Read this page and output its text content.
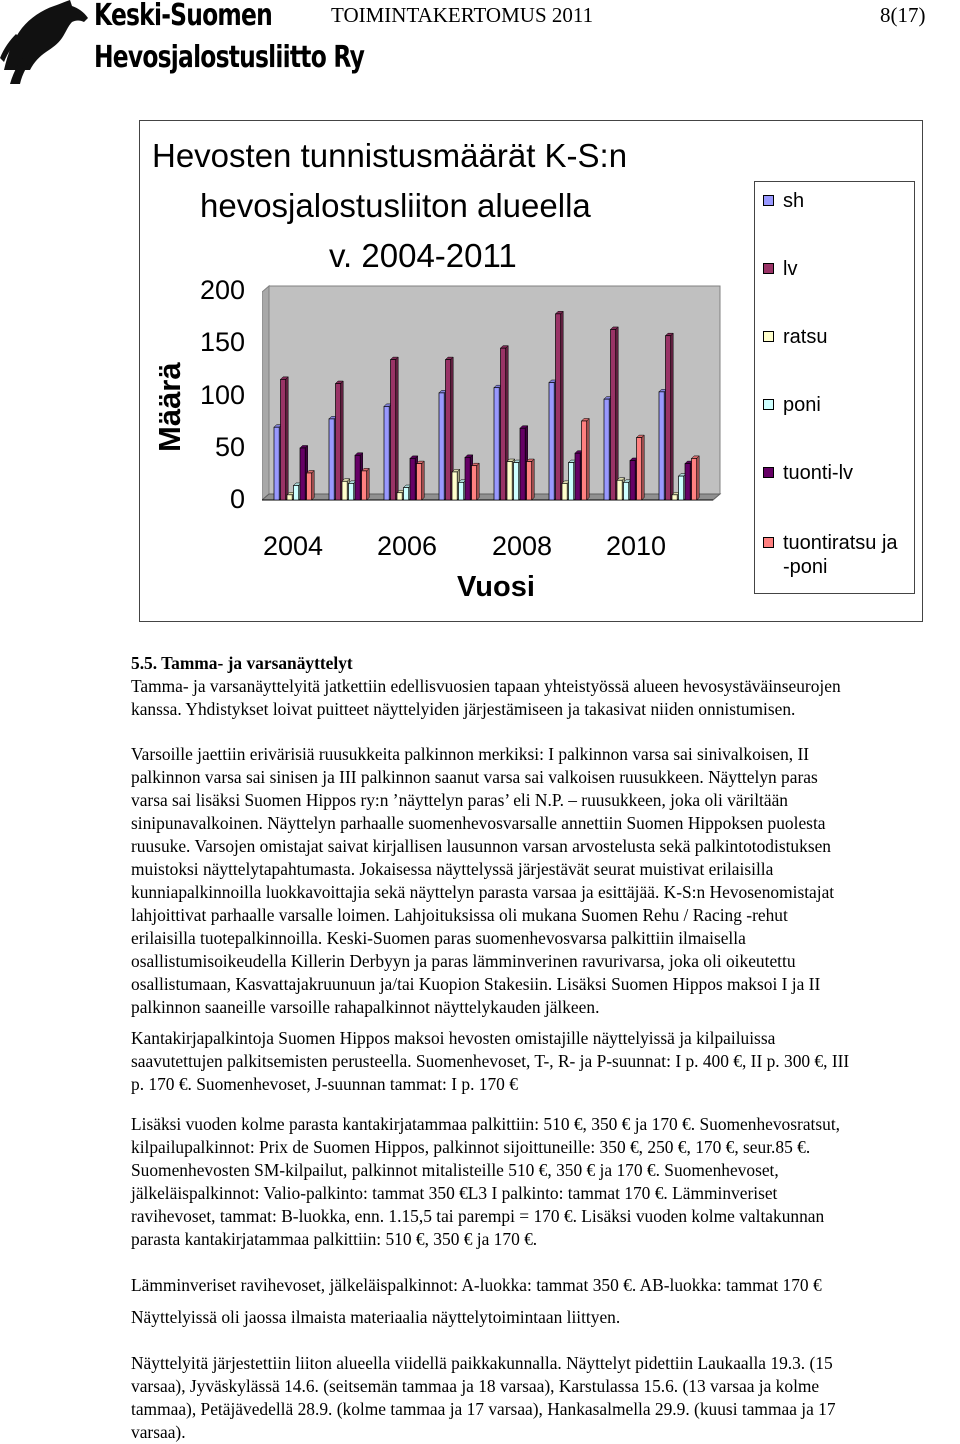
Keski-Suomen
Hevosjalostusliitto Ry
TOIMINTAKERTOMUS 2011	8(17)
Hevosten tunnistusmäärät K-S:n
hevosjalostusliiton alueella
v. 2004-2011
Määrä
200
150
100
50
0
2004 2006 2008 2010
Vuosi
sh
lv
ratsu
poni
tuonti-lv
tuontiratsu ja
-poni
5.5. Tamma- ja varsanäyttelyt
Tamma- ja varsanäyttelyitä jatkettiin edellisvuosien tapaan yhteistyössä alueen hevosystäväinseurojen
kanssa. Yhdistykset loivat puitteet näyttelyiden järjestämiseen ja takasivat niiden onnistumisen.
Varsoille jaettiin erivärisiä ruusukkeita palkinnon merkiksi: I palkinnon varsa sai sinivalkoisen, II
palkinnon varsa sai sinisen ja III palkinnon saanut varsa sai valkoisen ruusukkeen. Näyttelyn paras
varsa sai lisäksi Suomen Hippos ry:n ’näyttelyn paras’ eli N.P. – ruusukkeen, joka oli väriltään
sinipunavalkoinen. Näyttelyn parhaalle suomenhevosvarsalle annettiin Suomen Hippoksen puolesta
ruusuke. Varsojen omistajat saivat kirjallisen lausunnon varsan arvostelusta sekä palkintotodistuksen
muistoksi näyttelytapahtumasta. Jokaisessa näyttelyssä järjestävät seurat muistivat erilaisilla
kunniapalkinnoilla luokkavoittajia sekä näyttelyn parasta varsaa ja esittäjää. K-S:n Hevosenomistajat
lahjoittivat parhaalle varsalle loimen. Lahjoituksissa oli mukana Suomen Rehu / Racing -rehut
erilaisilla tuotepalkinnoilla. Keski-Suomen paras suomenhevosvarsa palkittiin ilmaisella
osallistumisoikeudella Killerin Derbyyn ja paras lämminverinen ravurivarsa, joka oli oikeutettu
osallistumaan, Kasvattajakruunuun ja/tai Kuopion Stakesiin. Lisäksi Suomen Hippos maksoi I ja II
palkinnon saaneille varsoille rahapalkinnot näyttelykauden jälkeen.
Kantakirjapalkintoja Suomen Hippos maksoi hevosten omistajille näyttelyissä ja kilpailuissa
saavutettujen palkitsemisten perusteella. Suomenhevoset, T-, R- ja P-suunnat: I p. 400 €, II p. 300 €, III
p. 170 €. Suomenhevoset, J-suunnan tammat: I p. 170 €
Lisäksi vuoden kolme parasta kantakirjatammaa palkittiin: 510 €, 350 € ja 170 €. Suomenhevosratsut,
kilpailupalkinnot: Prix de Suomen Hippos, palkinnot sijoittuneille: 350 €, 250 €, 170 €, seur.85 €.
Suomenhevosten SM-kilpailut, palkinnot mitalisteille 510 €, 350 € ja 170 €. Suomenhevoset,
jälkeläispalkinnot: Valio-palkinto: tammat 350 €L3 I palkinto: tammat 170 €. Lämminveriset
ravihevoset, tammat: B-luokka, enn. 1.15,5 tai parempi = 170 €. Lisäksi vuoden kolme valtakunnan
parasta kantakirjatammaa palkittiin: 510 €, 350 € ja 170 €.
Lämminveriset ravihevoset, jälkeläispalkinnot: A-luokka: tammat 350 €. AB-luokka: tammat 170 €
Näyttelyissä oli jaossa ilmaista materiaalia näyttelytoimintaan liittyen.
Näyttelyitä järjestettiin liiton alueella viidellä paikkakunnalla. Näyttelyt pidettiin Laukaalla 19.3. (15
varsaa), Jyväskylässä 14.6. (seitsemän tammaa ja 18 varsaa), Karstulassa 15.6. (13 varsaa ja kolme
tammaa), Petäjävedellä 28.9. (kolme tammaa ja 17 varsaa), Hankasalmella 29.9. (kuusi tammaa ja 17
varsaa).
